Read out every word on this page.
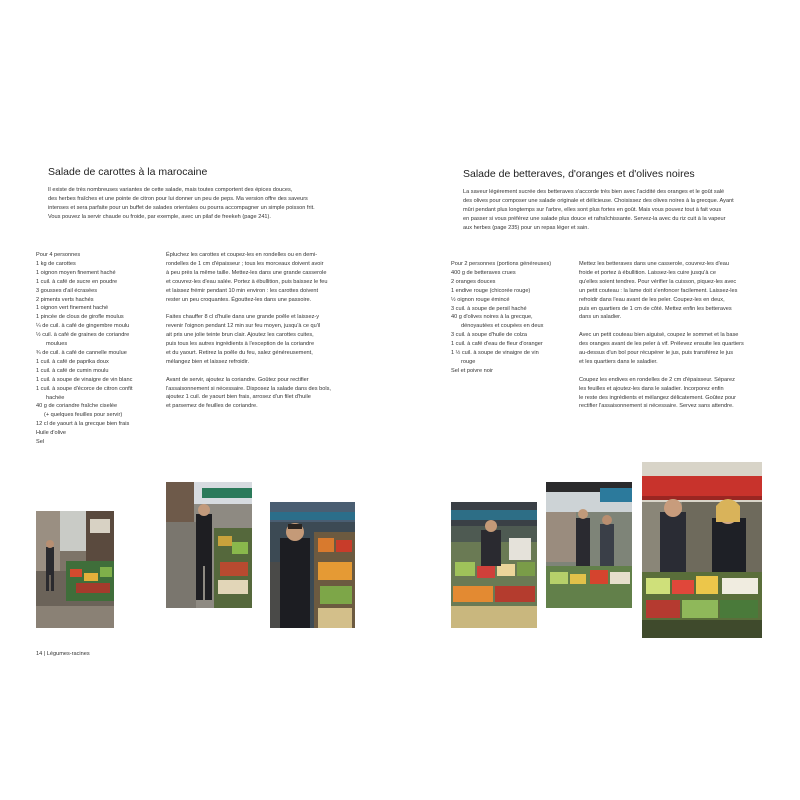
Salade de carottes à la marocaine

Il existe de très nombreuses variantes de cette salade, mais toutes comportent des épices douces,

des herbes fraîches et une pointe de citron pour lui donner un peu de peps. Ma version offre des saveurs

intenses et sera parfaite pour un buffet de salades orientales ou pourra accompagner un simple poisson frit.

Vous pouvez la servir chaude ou froide, par exemple, avec un pilaf de freekeh (page 241).

Pour 4 personnes
1 kg de carottes
1 oignon moyen finement haché
1 cuil. à café de sucre en poudre
3 gousses d'ail écrasées
2 piments verts hachés
1 oignon vert finement haché
1 pincée de clous de girofle moulus
¼ de cuil. à café de gingembre moulu
½ cuil. à café de graines de coriandre
moulues
¾ de cuil. à café de cannelle moulue
1 cuil. à café de paprika doux
1 cuil. à café de cumin moulu
1 cuil. à soupe de vinaigre de vin blanc
1 cuil. à soupe d'écorce de citron confit
hachée
40 g de coriandre fraîche ciselée
(+ quelques feuilles pour servir)
12 cl de yaourt à la grecque bien frais
Huile d'olive
Sel

Épluchez les carottes et coupez-les en rondelles ou en demi-
rondelles de 1 cm d'épaisseur ; tous les morceaux doivent avoir
à peu près la même taille. Mettez-les dans une grande casserole
et couvrez-les d'eau salée. Portez à ébullition, puis baissez le feu
et laissez frémir pendant 10 min environ : les carottes doivent
rester un peu croquantes. Égouttez-les dans une passoire.

Faites chauffer 8 cl d'huile dans une grande poêle et laissez-y
revenir l'oignon pendant 12 min sur feu moyen, jusqu'à ce qu'il
ait pris une jolie teinte brun clair. Ajoutez les carottes cuites,
puis tous les autres ingrédients à l'exception de la coriandre
et du yaourt. Retirez la poêle du feu, salez généreusement,
mélangez bien et laissez refroidir.

Avant de servir, ajoutez la coriandre. Goûtez pour rectifier
l'assaisonnement si nécessaire. Disposez la salade dans des bols,
ajoutez 1 cuil. de yaourt bien frais, arrosez d'un filet d'huile
et parsemez de feuilles de coriandre.

14 | Légumes-racines
Salade de betteraves, d'oranges et d'olives noires

La saveur légèrement sucrée des betteraves s'accorde très bien avec l'acidité des oranges et le goût salé

des olives pour composer une salade originale et délicieuse. Choisissez des olives noires à la grecque. Ayant

mûri pendant plus longtemps sur l'arbre, elles sont plus fortes en goût. Mais vous pouvez tout à fait vous

en passer si vous préférez une salade plus douce et rafraîchissante. Servez-la avec du riz cuit à la vapeur

aux herbes (page 235) pour un repas léger et sain.

Pour 2 personnes (portions généreuses)
400 g de betteraves crues
2 oranges douces
1 endive rouge (chicorée rouge)
½ oignon rouge émincé
3 cuil. à soupe de persil haché
40 g d'olives noires à la grecque,
dénoyautées et coupées en deux
3 cuil. à soupe d'huile de colza
1 cuil. à café d'eau de fleur d'oranger
1 ½ cuil. à soupe de vinaigre de vin
rouge
Sel et poivre noir

Mettez les betteraves dans une casserole, couvrez-les d'eau
froide et portez à ébullition. Laissez-les cuire jusqu'à ce
qu'elles soient tendres. Pour vérifier la cuisson, piquez-les avec
un petit couteau : la lame doit s'enfoncer facilement. Laissez-les
refroidir dans l'eau avant de les peler. Coupez-les en deux,
puis en quartiers de 1 cm de côté. Mettez enfin les betteraves
dans un saladier.

Avec un petit couteau bien aiguisé, coupez le sommet et la base
des oranges avant de les peler à vif. Prélevez ensuite les quartiers
au-dessus d'un bol pour récupérer le jus, puis transférez le jus
et les quartiers dans le saladier.

Coupez les endives en rondelles de 2 cm d'épaisseur. Séparez
les feuilles et ajoutez-les dans le saladier. Incorporez enfin
le reste des ingrédients et mélangez délicatement. Goûtez pour
rectifier l'assaisonnement si nécessaire. Servez sans attendre.
